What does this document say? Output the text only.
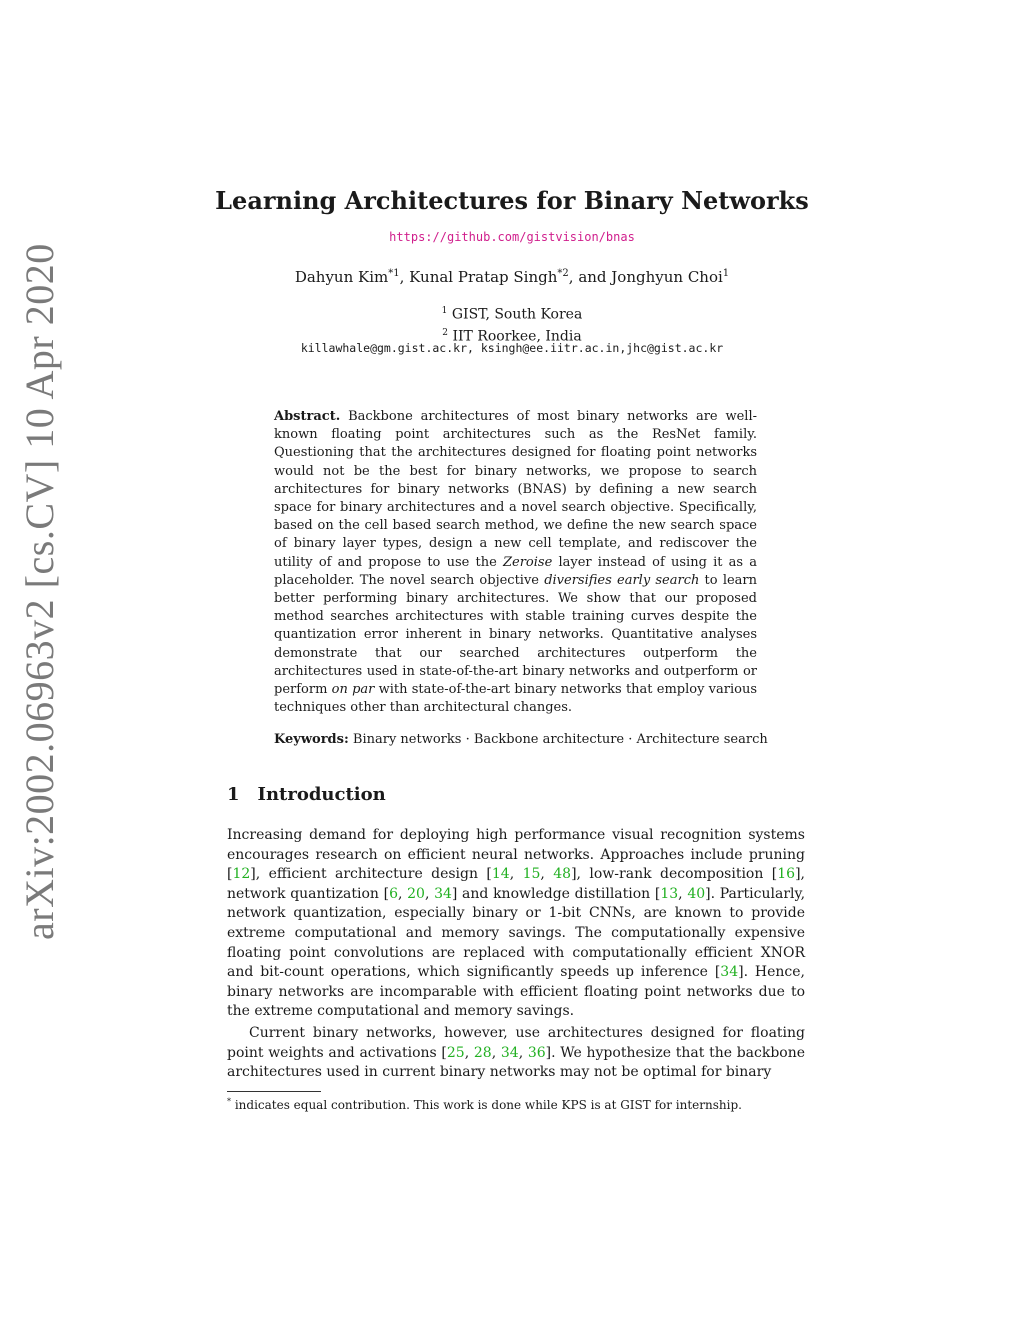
arXiv:2002.06963v2 [cs.CV] 10 Apr 2020
Learning Architectures for Binary Networks
https://github.com/gistvision/bnas
Dahyun Kim$^{*1}$, Kunal Pratap Singh$^{*2}$, and Jonghyun Choi$^1$
$^1$ GIST, South Korea
$^2$ IIT Roorkee, India
killawhale@gm.gist.ac.kr, ksingh@ee.iitr.ac.in,jhc@gist.ac.kr
Abstract. Backbone architectures of most binary networks are well-known floating point architectures such as the ResNet family. Questioning that the architectures designed for floating point networks would not be the best for binary networks, we propose to search architectures for binary networks (BNAS) by defining a new search space for binary architectures and a novel search objective. Specifically, based on the cell based search method, we define the new search space of binary layer types, design a new cell template, and rediscover the utility of and propose to use the Zeroise layer instead of using it as a placeholder. The novel search objective diversifies early search to learn better performing binary architectures. We show that our proposed method searches architectures with stable training curves despite the quantization error inherent in binary networks. Quantitative analyses demonstrate that our searched architectures outperform the architectures used in state-of-the-art binary networks and outperform or perform on par with state-of-the-art binary networks that employ various techniques other than architectural changes.
Keywords: Binary networks · Backbone architecture · Architecture search
1 Introduction

Increasing demand for deploying high performance visual recognition systems encourages research on efficient neural networks. Approaches include pruning [12], efficient architecture design [14, 15, 48], low-rank decomposition [16], network quantization [6, 20, 34] and knowledge distillation [13, 40]. Particularly, network quantization, especially binary or 1-bit CNNs, are known to provide extreme computational and memory savings. The computationally expensive floating point convolutions are replaced with computationally efficient XNOR and bit-count operations, which significantly speeds up inference [34]. Hence, binary networks are incomparable with efficient floating point networks due to the extreme computational and memory savings.

Current binary networks, however, use architectures designed for floating point weights and activations [25, 28, 34, 36]. We hypothesize that the backbone architectures used in current binary networks may not be optimal for binary

* indicates equal contribution. This work is done while KPS is at GIST for internship.
